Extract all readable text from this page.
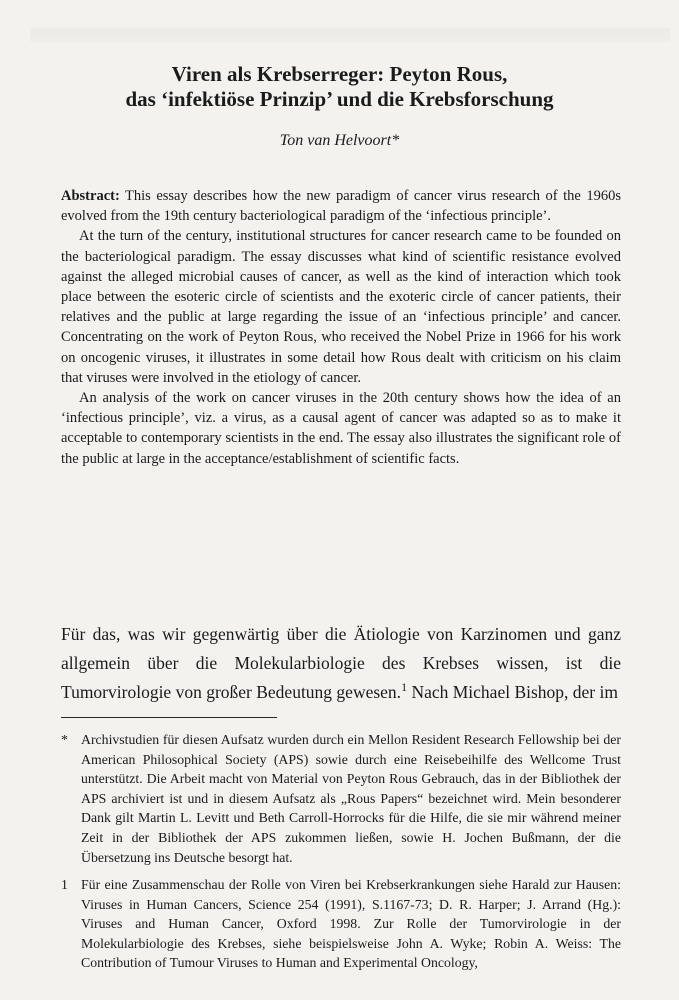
Viren als Krebserreger: Peyton Rous,
das ‘infektiöse Prinzip’ und die Krebsforschung
Ton van Helvoort*

Abstract: This essay describes how the new paradigm of cancer virus research of the 1960s evolved from the 19th century bacteriological paradigm of the ‘infectious principle’.

At the turn of the century, institutional structures for cancer research came to be founded on the bacteriological paradigm. The essay discusses what kind of scientific resistance evolved against the alleged microbial causes of cancer, as well as the kind of interaction which took place between the esoteric circle of scientists and the exoteric circle of cancer patients, their relatives and the public at large regarding the issue of an ‘infectious principle’ and cancer. Concentrating on the work of Peyton Rous, who received the Nobel Prize in 1966 for his work on oncogenic viruses, it illustrates in some detail how Rous dealt with criticism on his claim that viruses were involved in the etiology of cancer.

An analysis of the work on cancer viruses in the 20th century shows how the idea of an ‘infectious principle’, viz. a virus, as a causal agent of cancer was adapted so as to make it acceptable to contemporary scientists in the end. The essay also illustrates the significant role of the public at large in the acceptance/establishment of scientific facts.

Für das, was wir gegenwärtig über die Ätiologie von Karzinomen und ganz allgemein über die Molekularbiologie des Krebses wissen, ist die Tumorvirologie von großer Bedeutung gewesen.$^1$ Nach Michael Bishop, der im
* Archivstudien für diesen Aufsatz wurden durch ein Mellon Resident Research Fellowship bei der American Philosophical Society (APS) sowie durch eine Reisebeihilfe des Wellcome Trust unterstützt. Die Arbeit macht von Material von Peyton Rous Gebrauch, das in der Bibliothek der APS archiviert ist und in diesem Aufsatz als „Rous Papers“ bezeichnet wird. Mein besonderer Dank gilt Martin L. Levitt und Beth Carroll-Horrocks für die Hilfe, die sie mir während meiner Zeit in der Bibliothek der APS zukommen ließen, sowie H. Jochen Bußmann, der die Übersetzung ins Deutsche besorgt hat.
1 Für eine Zusammenschau der Rolle von Viren bei Krebserkrankungen siehe Harald zur Hausen: Viruses in Human Cancers, Science 254 (1991), S.1167-73; D. R. Harper; J. Arrand (Hg.): Viruses and Human Cancer, Oxford 1998. Zur Rolle der Tumorvirologie in der Molekularbiologie des Krebses, siehe beispielsweise John A. Wyke; Robin A. Weiss: The Contribution of Tumour Viruses to Human and Experimental Oncology,
